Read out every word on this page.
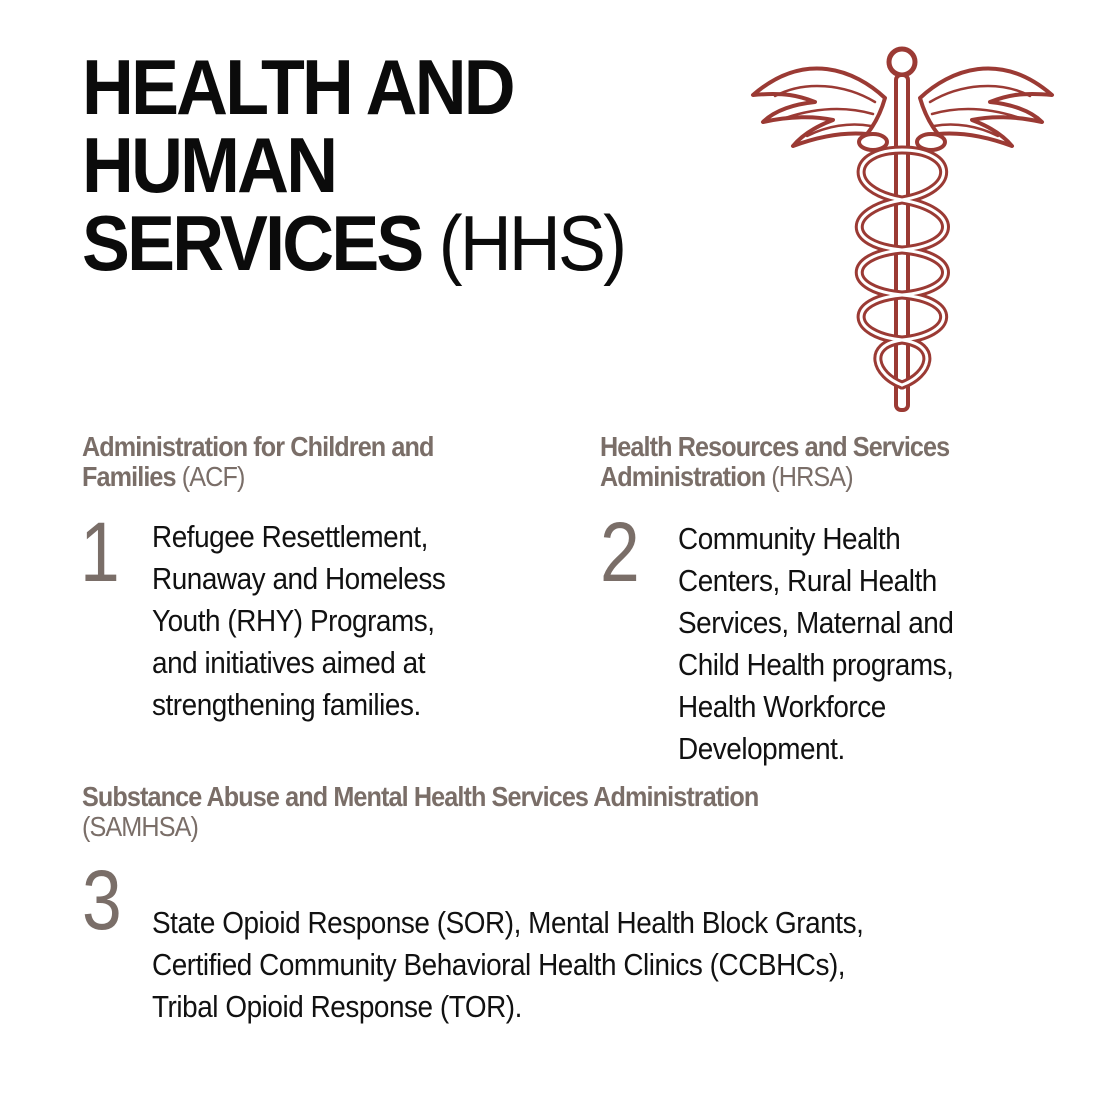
HEALTH AND
HUMAN
SERVICES (HHS)
Administration for Children and
Families (ACF)
1 Refugee Resettlement,
Runaway and Homeless
Youth (RHY) Programs,
and initiatives aimed at
strengthening families.

Health Resources and Services
Administration (HRSA)
2 Community Health
Centers, Rural Health
Services, Maternal and
Child Health programs,
Health Workforce
Development.

Substance Abuse and Mental Health Services Administration
(SAMHSA)
3 State Opioid Response (SOR), Mental Health Block Grants,
Certified Community Behavioral Health Clinics (CCBHCs),
Tribal Opioid Response (TOR).
